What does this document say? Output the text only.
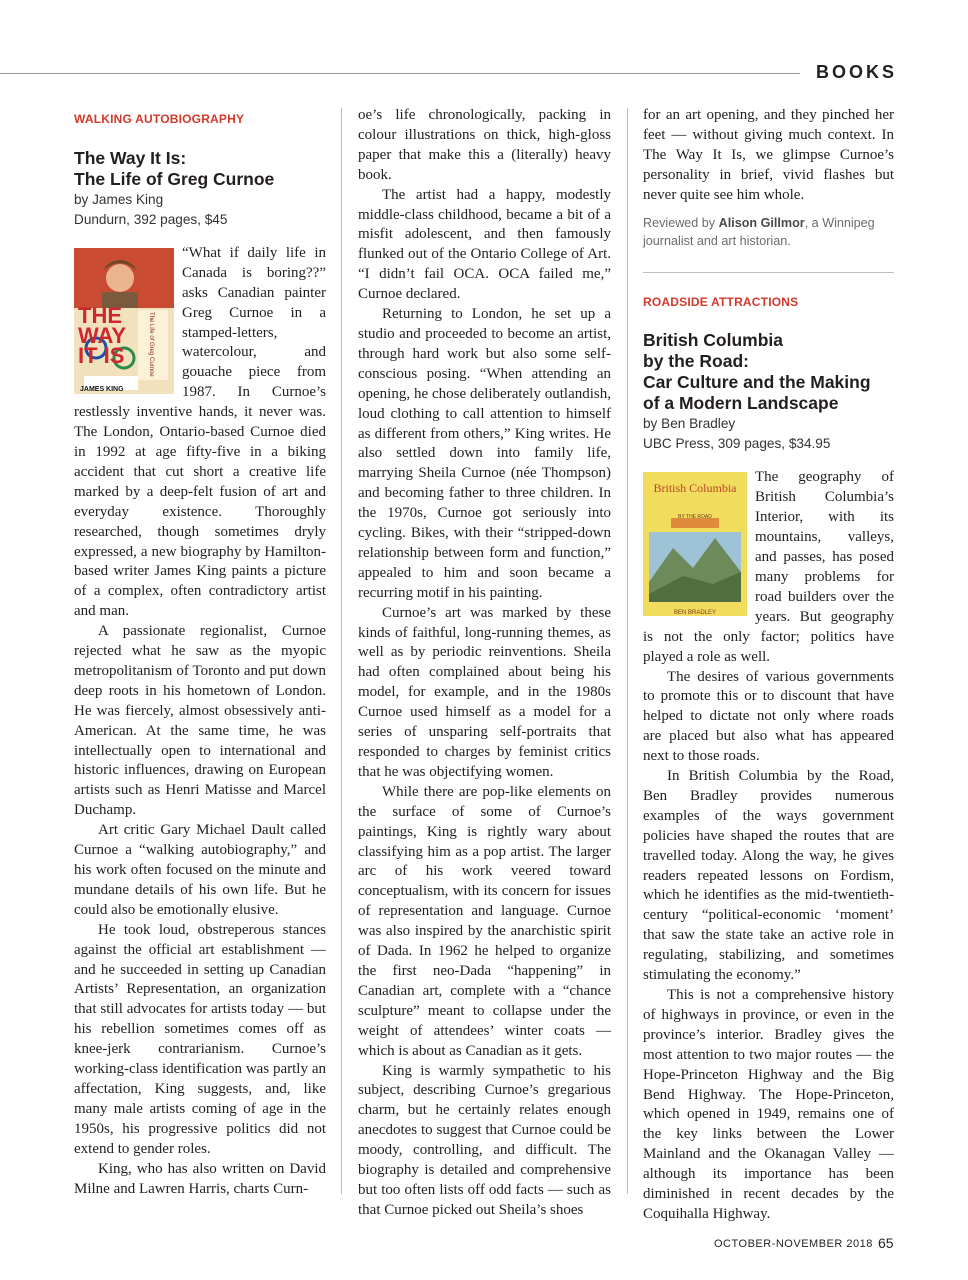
BOOKS
WALKING AUTOBIOGRAPHY
The Way It Is:
The Life of Greg Curnoe
by James King
Dundurn, 392 pages, $45
THE
WAY
IT IS	The Life of Greg Curnoe
JAMES KING

“What if daily life in Canada is boring??” asks Canadian painter Greg Curnoe in a stamped-letters, watercolour, and gouache piece from 1987. In Curnoe’s restlessly inventive hands, it never was. The London, Ontario-based Curnoe died in 1992 at age fifty-five in a biking accident that cut short a creative life marked by a deep-felt fusion of art and everyday existence. Thoroughly researched, though sometimes dryly expressed, a new biography by Hamilton-based writer James King paints a picture of a complex, often contradictory artist and man.

A passionate regionalist, Curnoe rejected what he saw as the myopic metropolitanism of Toronto and put down deep roots in his hometown of London. He was fiercely, almost obsessively anti-American. At the same time, he was intellectually open to international and historic influences, drawing on European artists such as Henri Matisse and Marcel Duchamp.

Art critic Gary Michael Dault called Curnoe a “walking autobiography,” and his work often focused on the minute and mundane details of his own life. But he could also be emotionally elusive.

He took loud, obstreperous stances against the official art establishment — and he succeeded in setting up Canadian Artists’ Representation, an organization that still advocates for artists today — but his rebellion sometimes comes off as knee-jerk contrarianism. Curnoe’s working-class identification was partly an affectation, King suggests, and, like many male artists coming of age in the 1950s, his progressive politics did not extend to gender roles.

King, who has also written on David Milne and Lawren Harris, charts Curn-

oe’s life chronologically, packing in colour illustrations on thick, high-gloss paper that make this a (literally) heavy book.

The artist had a happy, modestly middle-class childhood, became a bit of a misfit adolescent, and then famously flunked out of the Ontario College of Art. “I didn’t fail OCA. OCA failed me,” Curnoe declared.

Returning to London, he set up a studio and proceeded to become an artist, through hard work but also some self-conscious posing. “When attending an opening, he chose deliberately outlandish, loud clothing to call attention to himself as different from others,” King writes. He also settled down into family life, marrying Sheila Curnoe (née Thompson) and becoming father to three children. In the 1970s, Curnoe got seriously into cycling. Bikes, with their “stripped-down relationship between form and function,” appealed to him and soon became a recurring motif in his painting.

Curnoe’s art was marked by these kinds of faithful, long-running themes, as well as by periodic reinventions. Sheila had often complained about being his model, for example, and in the 1980s Curnoe used himself as a model for a series of unsparing self-portraits that responded to charges by feminist critics that he was objectifying women.

While there are pop-like elements on the surface of some of Curnoe’s paintings, King is rightly wary about classifying him as a pop artist. The larger arc of his work veered toward conceptualism, with its concern for issues of representation and language. Curnoe was also inspired by the anarchistic spirit of Dada. In 1962 he helped to organize the first neo-Dada “happening” in Canadian art, complete with a “chance sculpture” meant to collapse under the weight of attendees’ winter coats — which is about as Canadian as it gets.

King is warmly sympathetic to his subject, describing Curnoe’s gregarious charm, but he certainly relates enough anecdotes to suggest that Curnoe could be moody, controlling, and difficult. The biography is detailed and comprehensive but too often lists off odd facts — such as that Curnoe picked out Sheila’s shoes

for an art opening, and they pinched her feet — without giving much context. In The Way It Is, we glimpse Curnoe’s personality in brief, vivid flashes but never quite see him whole.

Reviewed by Alison Gillmor, a Winnipeg journalist and art historian.
ROADSIDE ATTRACTIONS
British Columbia
by the Road:
Car Culture and the Making
of a Modern Landscape
by Ben Bradley
UBC Press, 309 pages, $34.95
British Columbia
BY THE ROAD
BEN BRADLEY

The geography of British Columbia’s Interior, with its mountains, valleys, and passes, has posed many problems for road builders over the years. But geography is not the only factor; politics have played a role as well.

The desires of various governments to promote this or to discount that have helped to dictate not only where roads are placed but also what has appeared next to those roads.

In British Columbia by the Road, Ben Bradley provides numerous examples of the ways government policies have shaped the routes that are travelled today. Along the way, he gives readers repeated lessons on Fordism, which he identifies as the mid-twentieth-century “political-economic ‘moment’ that saw the state take an active role in regulating, stabilizing, and sometimes stimulating the economy.”

This is not a comprehensive history of highways in province, or even in the province’s interior. Bradley gives the most attention to two major routes — the Hope-Princeton Highway and the Big Bend Highway. The Hope-Princeton, which opened in 1949, remains one of the key links between the Lower Mainland and the Okanagan Valley — although its importance has been diminished in recent decades by the Coquihalla Highway.

OCTOBER-NOVEMBER 2018 65
